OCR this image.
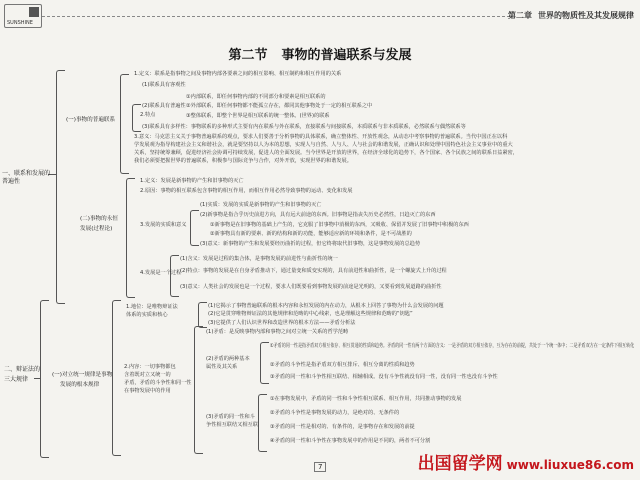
SUNSHINE
第二章 世界的物质性及其发展规律
第二节 事物的普遍联系与发展
一、联系和发展的普遍性
二、辩证法的
三大规律
(一)事物的普遍联系
(二)事物的永恒
发展(过程论)
(一)对立统一规律是事物
发展的根本规律
2.特点
3.发展的实质和意义
4.发展是一个过程
1.地位：是唯物辩证法
体系的实质和核心
2.内容：一切事物都包
含着既对立又统一的
矛盾，矛盾的斗争性和同一性
在事物发展中的作用
(2)矛盾的两种基本
属性及其关系
(3)矛盾的同一性和斗
争性相互联结又相互联
1.定义：联系是指事物之间及事物内部各要素之间的相互影响、相互制约和相互作用的关系
(1)联系具有客观性
①内部联系，即任何事物内部的不同部分和要素是相互联系的
②外部联系，即任何事物都不能孤立存在，都同其他事物处于一定的相互联系之中
(2)联系具有普遍性
③整体联系，即整个世界是相互联系的统一整体。(世界)的联系
(3)联系具有多样性：事物联系的多种形式主要有内在联系与外在联系，直接联系与间接联系，本质联系与非本质联系，必然联系与偶然联系等
3.意义：马克思主义关于事物普遍联系的观点，要求人们要善于分析事物的具体联系，确立整体性、开放性观念，从动态中考察事物的普遍联系。当代中国正在以科
学发展观为指导构建社会主义和谐社会，就是要坚持以人为本的思想，实现人与自然、人与人、人与社会的和谐发展，正确认识和处理中国特色社会主义事业中的重大
关系，坚持统筹兼顾，促进经济社会协调可持续发展，促进人的全面发展。当今世界是开放的世界，在经济全球化的趋势下，各个国家、各个民族之间的联系日益紧密，
我们必须要把握世界的普遍联系，积极参与国际竞争与合作，对外开放，实现世界的和谐发展。
1.定义：发展是新事物的产生和旧事物的灭亡
2.原因：事物的相互联系包含事物的相互作用，而相互作用必然导致事物的运动、变化和发展
(1)实质：发展的实质是新事物的产生和旧事物的灭亡
(2)新事物是指合乎历史前进方向，具有远大前途的东西。旧事物是指丧失历史必然性，日趋灭亡的东西
①新事物是在旧事物的基础上产生的，它克服了旧事物中消极的东西，又吸收、保留并发展了旧事物中积极的东西
②新事物具有新的要素、新的结构和新的功能，能够适应新的环境和条件，是不可战胜的
(3)意义：新事物的产生和发展要经历曲折的过程，但它终将取代旧事物，这是事物发展的总趋势
(1)含义：发展是过程的集合体，是事物发展的前进性与曲折性的统一
(2)特点：事物的发展是在自身矛盾推动下，通过量变和质变实现的，具有前进性和曲折性，是一个螺旋式上升的过程
(3)意义：人类社会的发展也是一个过程，要求人们既要看到事物发展的前途是光明的，又要看到发展道路的曲折性
(1)它揭示了事物普遍联系的根本内容和永恒发展的内在动力，从根本上回答了事物为什么会发展的问题
(2)它是贯穿唯物辩证法的其他规律和范畴的中心线索，也是理解这些规律和范畴的“钥匙”
(3)它提供了人们认识世界和改造世界的根本方法——矛盾分析法
(1)矛盾：是反映事物内部和事物之间对立统一关系的哲学范畴
①矛盾的同一性是指矛盾双方相互依存、相互贯通的性质和趋势。矛盾的同一性有两个方面的含义：一是矛盾的双方相互依存，互为存在的前提，共处于一个统一体中；二是矛盾双方在一定条件下相互转化
②矛盾的斗争性是指矛盾双方相互排斥、相互分离的性质和趋势
③矛盾的同一性和斗争性相互联结、相辅相成。没有斗争性就没有同一性，没有同一性也没有斗争性
①在事物发展中，矛盾的同一性和斗争性相互联系、相互作用，共同推动事物的发展
②矛盾的斗争性是事物发展的动力，是绝对的、无条件的
③矛盾的同一性是相对的、有条件的，是事物存在和发展的前提
④矛盾的同一性和斗争性在事物发展中的作用是不同的，两者不可分割
7	出国留学网 www.liuxue86.com
